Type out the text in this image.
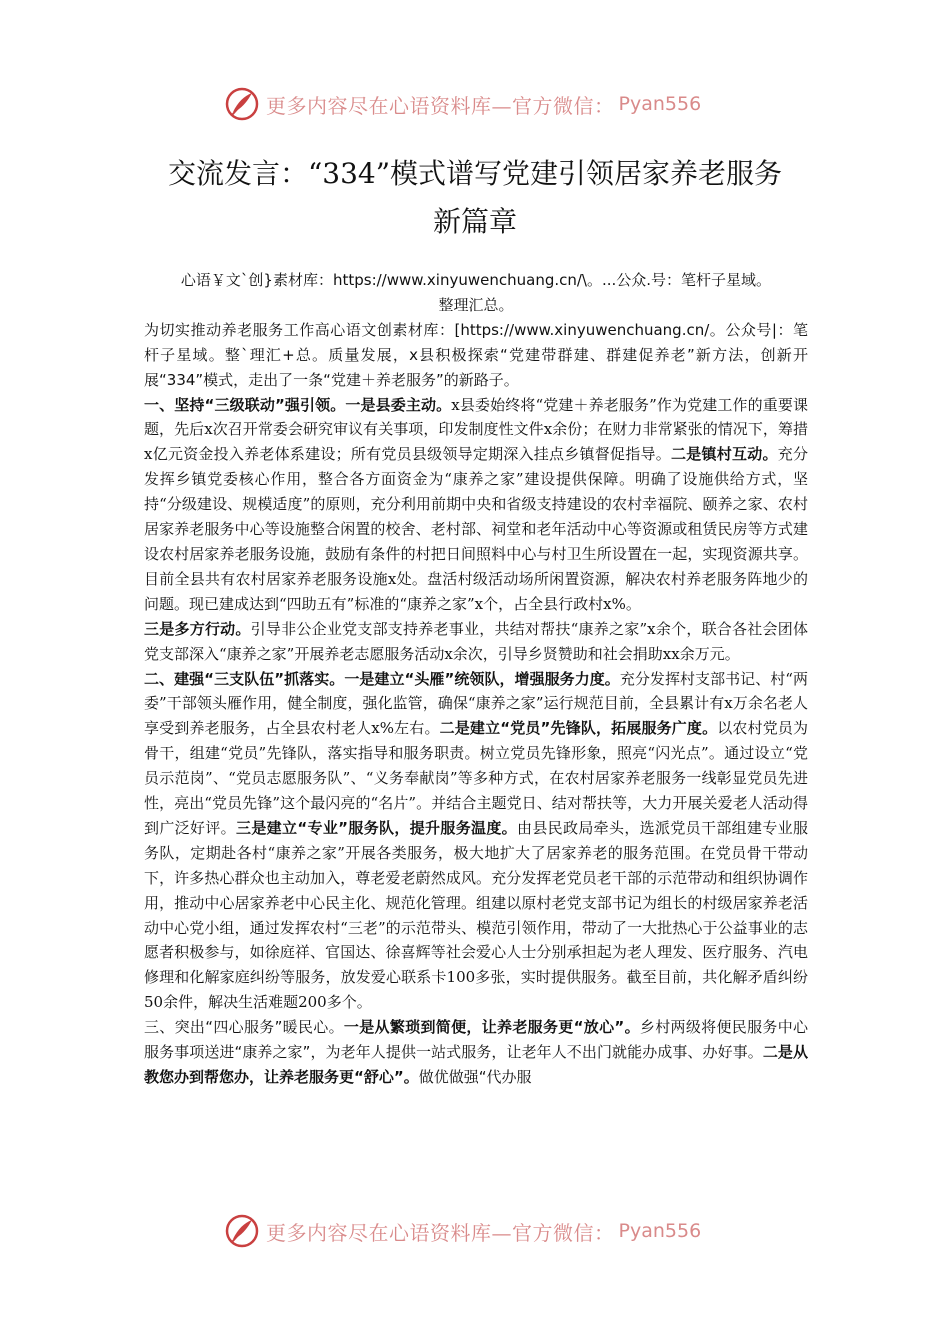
更多内容尽在心语资料库—官方微信： Pyan556
交流发言：“334”模式谱写党建引领居家养老服务
新篇章

心语￥文`创}素材库：https://www.xinyuwenchuang.cn/\。...公众.号：笔杆子星域。

整理汇总。

为切实推动养老服务工作高心语文创素材库：[https://www.xinyuwenchuang.cn/。公众号|：笔杆子星域。整`理汇+总。质量发展，x县积极探索“党建带群建、群建促养老”新方法，创新开展“334”模式，走出了一条“党建＋养老服务”的新路子。

一、坚持“三级联动”强引领。一是县委主动。x县委始终将“党建＋养老服务”作为党建工作的重要课题，先后x次召开常委会研究审议有关事项，印发制度性文件x余份；在财力非常紧张的情况下，筹措x亿元资金投入养老体系建设；所有党员县级领导定期深入挂点乡镇督促指导。二是镇村互动。充分发挥乡镇党委核心作用，整合各方面资金为“康养之家”建设提供保障。明确了设施供给方式，坚持“分级建设、规模适度”的原则，充分利用前期中央和省级支持建设的农村幸福院、颐养之家、农村居家养老服务中心等设施整合闲置的校舍、老村部、祠堂和老年活动中心等资源或租赁民房等方式建设农村居家养老服务设施，鼓励有条件的村把日间照料中心与村卫生所设置在一起，实现资源共享。目前全县共有农村居家养老服务设施x处。盘活村级活动场所闲置资源，解决农村养老服务阵地少的问题。现已建成达到“四助五有”标准的“康养之家”x个，占全县行政村x%。

三是多方行动。引导非公企业党支部支持养老事业，共结对帮扶“康养之家”x余个，联合各社会团体党支部深入“康养之家”开展养老志愿服务活动x余次，引导乡贤赞助和社会捐助xx余万元。

二、建强“三支队伍”抓落实。一是建立“头雁”统领队，增强服务力度。充分发挥村支部书记、村“两委”干部领头雁作用，健全制度，强化监管，确保“康养之家”运行规范目前，全县累计有x万余名老人享受到养老服务，占全县农村老人x%左右。二是建立“党员”先锋队，拓展服务广度。以农村党员为骨干，组建“党员”先锋队，落实指导和服务职责。树立党员先锋形象，照亮“闪光点”。通过设立“党员示范岗”、“党员志愿服务队”、“义务奉献岗”等多种方式，在农村居家养老服务一线彰显党员先进性，亮出“党员先锋”这个最闪亮的“名片”。并结合主题党日、结对帮扶等，大力开展关爱老人活动得到广泛好评。三是建立“专业”服务队，提升服务温度。由县民政局牵头，选派党员干部组建专业服务队，定期赴各村“康养之家”开展各类服务，极大地扩大了居家养老的服务范围。在党员骨干带动下，许多热心群众也主动加入，尊老爱老蔚然成风。充分发挥老党员老干部的示范带动和组织协调作用，推动中心居家养老中心民主化、规范化管理。组建以原村老党支部书记为组长的村级居家养老活动中心党小组，通过发挥农村“三老”的示范带头、模范引领作用，带动了一大批热心于公益事业的志愿者积极参与，如徐庭祥、官国达、徐喜辉等社会爱心人士分别承担起为老人理发、医疗服务、汽电修理和化解家庭纠纷等服务，放发爱心联系卡100多张，实时提供服务。截至目前，共化解矛盾纠纷50余件，解决生活难题200多个。

三、突出“四心服务”暖民心。一是从繁琐到简便，让养老服务更“放心”。乡村两级将便民服务中心服务事项送进“康养之家”，为老年人提供一站式服务，让老年人不出门就能办成事、办好事。二是从教您办到帮您办，让养老服务更“舒心”。做优做强“代办服

更多内容尽在心语资料库—官方微信： Pyan556
